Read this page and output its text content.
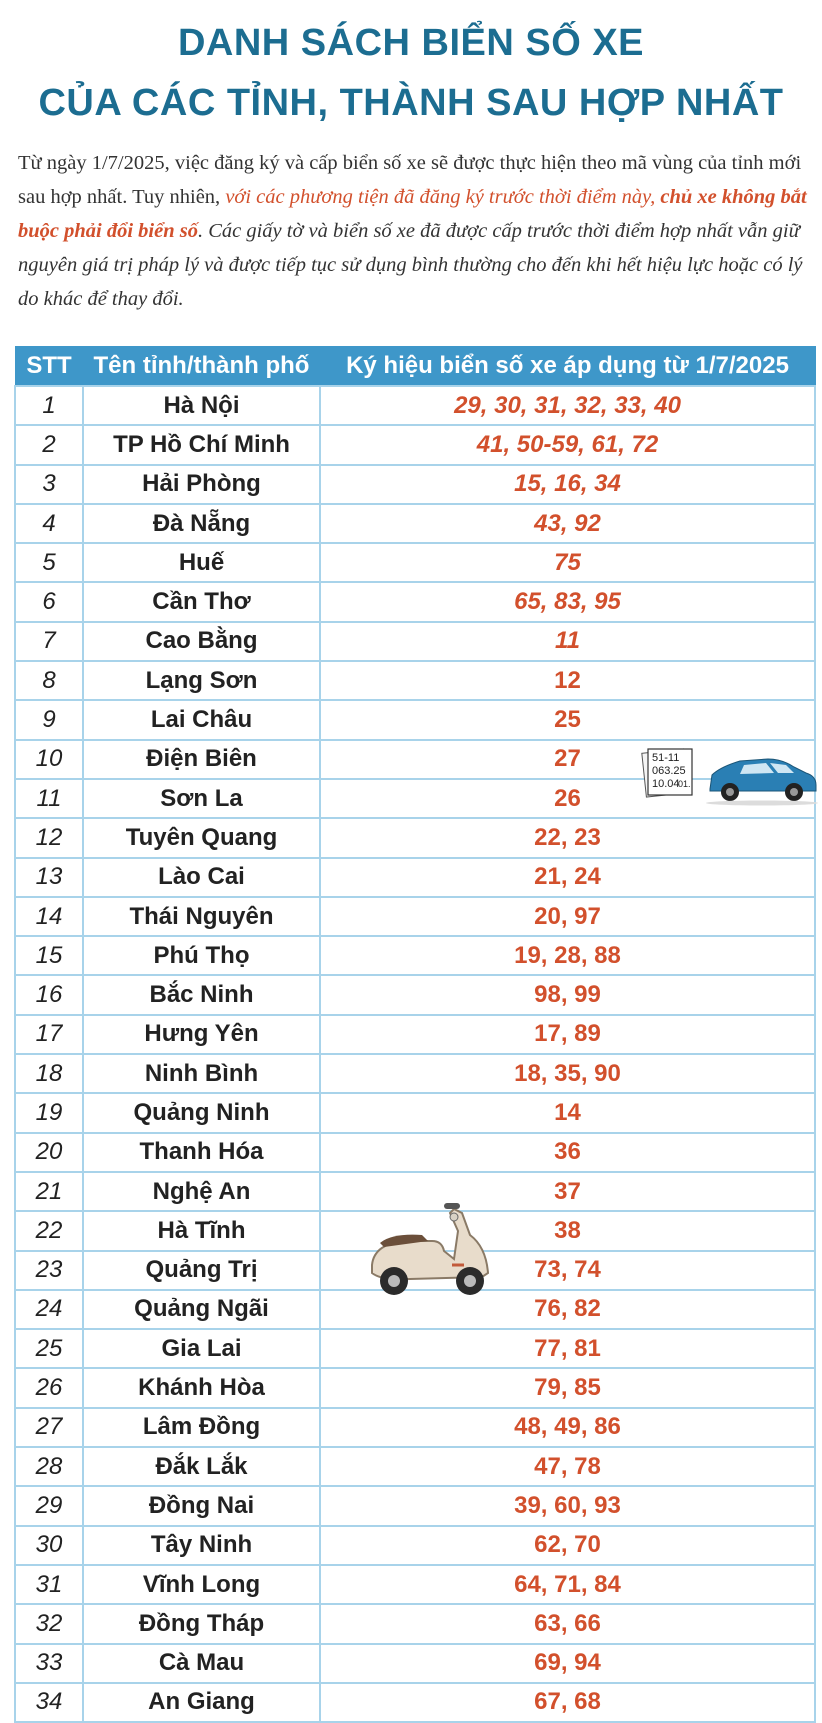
DANH SÁCH BIỂN SỐ XE
CỦA CÁC TỈNH, THÀNH SAU HỢP NHẤT

Từ ngày 1/7/2025, việc đăng ký và cấp biển số xe sẽ được thực hiện theo mã vùng của tỉnh mới sau hợp nhất. Tuy nhiên, với các phương tiện đã đăng ký trước thời điểm này, chủ xe không bắt buộc phải đổi biển số. Các giấy tờ và biển số xe đã được cấp trước thời điểm hợp nhất vẫn giữ nguyên giá trị pháp lý và được tiếp tục sử dụng bình thường cho đến khi hết hiệu lực hoặc có lý do khác để thay đổi.

STT	Tên tỉnh/thành phố	Ký hiệu biển số xe áp dụng từ 1/7/2025
1	Hà Nội	29, 30, 31, 32, 33, 40
2	TP Hồ Chí Minh	41, 50-59, 61, 72
3	Hải Phòng	15, 16, 34
4	Đà Nẵng	43, 92
5	Huế	75
6	Cần Thơ	65, 83, 95
7	Cao Bằng	11
8	Lạng Sơn	12
9	Lai Châu	25
10	Điện Biên	27
11	Sơn La	26
12	Tuyên Quang	22, 23
13	Lào Cai	21, 24
14	Thái Nguyên	20, 97
15	Phú Thọ	19, 28, 88
16	Bắc Ninh	98, 99
17	Hưng Yên	17, 89
18	Ninh Bình	18, 35, 90
19	Quảng Ninh	14
20	Thanh Hóa	36
21	Nghệ An	37
22	Hà Tĩnh	38
23	Quảng Trị	73, 74
24	Quảng Ngãi	76, 82
25	Gia Lai	77, 81
26	Khánh Hòa	79, 85
27	Lâm Đồng	48, 49, 86
28	Đắk Lắk	47, 78
29	Đồng Nai	39, 60, 93
30	Tây Ninh	62, 70
31	Vĩnh Long	64, 71, 84
32	Đồng Tháp	63, 66
33	Cà Mau	69, 94
34	An Giang	67, 68
51-11
063.25
10.04
01.
